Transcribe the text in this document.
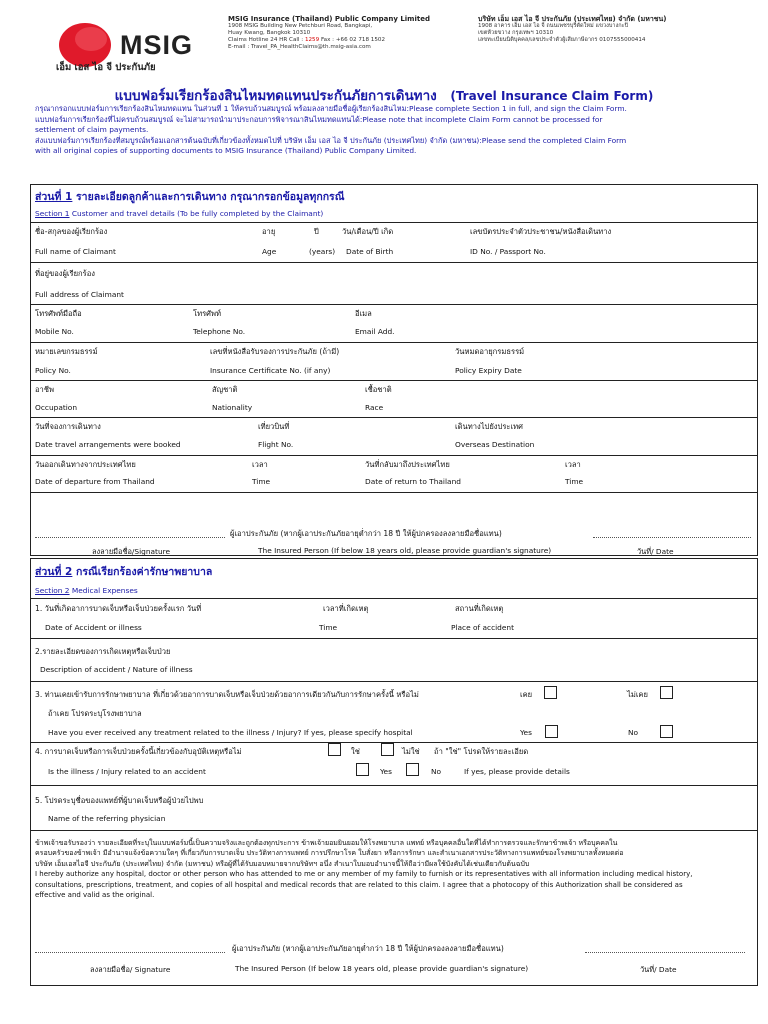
MSIG
เอ็ม เอส ไอ จี ประกันภัย
MSIG Insurance (Thailand) Public Company Limited
1908 MSIG Building New Petchburi Road, Bangkapi,
Huay Kwang, Bangkok 10310
Claims Hotline 24 HR Call : 1259 Fax : +66 02 718 1502
E-mail : Travel_PA_HealthClaims@th.msig-asia.com
บริษัท เอ็ม เอส ไอ จี ประกันภัย (ประเทศไทย) จำกัด (มหาชน)
1908 อาคาร เอ็ม เอส ไอ จี ถนนเพชรบุรีตัดใหม่ แขวงบางกะปิ
เขตห้วยขวาง กรุงเทพฯ 10310
เลขทะเบียนนิติบุคคล/เลขประจำตัวผู้เสียภาษีอากร 0107555000414
แบบฟอร์มเรียกร้องสินไหมทดแทนประกันภัยการเดินทาง (Travel Insurance Claim Form)
กรุณากรอกแบบฟอร์มการเรียกร้องสินไหมทดแทน ในส่วนที่ 1 ให้ครบถ้วนสมบูรณ์ พร้อมลงลายมือชื่อผู้เรียกร้องสินไหม:Please complete Section 1 in full, and sign the Claim Form.
แบบฟอร์มการเรียกร้องที่ไม่ครบถ้วนสมบูรณ์ จะไม่สามารถนำมาประกอบการพิจารณาสินไหมทดแทนได้:Please note that incomplete Claim Form cannot be processed for
settlement of claim payments.
ส่งแบบฟอร์มการเรียกร้องที่สมบูรณ์พร้อมเอกสารต้นฉบับที่เกี่ยวข้องทั้งหมดไปที่ บริษัท เอ็ม เอส ไอ จี ประกันภัย (ประเทศไทย) จำกัด (มหาชน):Please send the completed Claim Form
with all original copies of supporting documents to MSIG Insurance (Thailand) Public Company Limited.
ส่วนที่ 1 รายละเอียดลูกค้าและการเดินทาง กรุณากรอกข้อมูลทุกกรณี
Section 1 Customer and travel details (To be fully completed by the Claimant)
ชื่อ-สกุลของผู้เรียกร้อง	อายุ	ปี	วัน/เดือน/ปี เกิด	เลขบัตรประจำตัวประชาชน/หนังสือเดินทาง
Full name of Claimant	Age	(years) Date of Birth	ID No. / Passport No.
ที่อยู่ของผู้เรียกร้อง
Full address of Claimant
โทรศัพท์มือถือ	โทรศัพท์	อีเมล
Mobile No.	Telephone No.	Email Add.
หมายเลขกรมธรรม์	เลขที่หนังสือรับรองการประกันภัย (ถ้ามี)	วันหมดอายุกรมธรรม์
Policy No.	Insurance Certificate No. (if any)	Policy Expiry Date
อาชีพ	สัญชาติ	เชื้อชาติ
Occupation	Nationality	Race
วันที่จองการเดินทาง	เที่ยวบินที่	เดินทางไปยังประเทศ
Date travel arrangements were booked	Flight No.	Overseas Destination
วันออกเดินทางจากประเทศไทย	เวลา	วันที่กลับมาถึงประเทศไทย	เวลา
Date of departure from Thailand	Time	Date of return to Thailand	Time
ผู้เอาประกันภัย (หากผู้เอาประกันภัยอายุต่ำกว่า 18 ปี ให้ผู้ปกครองลงลายมือชื่อแทน)
ลงลายมือชื่อ/Signature	The Insured Person (If below 18 years old, please provide guardian's signature)	วันที่/ Date
ส่วนที่ 2 กรณีเรียกร้องค่ารักษาพยาบาล
Section 2 Medical Expenses
1. วันที่เกิดอาการบาดเจ็บหรือเจ็บป่วยครั้งแรก วันที่	เวลาที่เกิดเหตุ	สถานที่เกิดเหตุ
Date of Accident or illness	Time	Place of accident
2.รายละเอียดของการเกิดเหตุหรือเจ็บป่วย
Description of accident / Nature of illness
3. ท่านเคยเข้ารับการรักษาพยาบาล ที่เกี่ยวด้วยอาการบาดเจ็บหรือเจ็บป่วยด้วยอาการเดียวกันกับการรักษาครั้งนี้ หรือไม่	เคย	ไม่เคย
ถ้าเคย โปรดระบุโรงพยาบาล
Have you ever received any treatment related to the illness / Injury? If yes, please specify hospital	Yes	No
4. การบาดเจ็บหรือการเจ็บป่วยครั้งนี้เกี่ยวข้องกับอุบัติเหตุหรือไม่	ใช่	ไม่ใช่ ถ้า "ใช่" โปรดให้รายละเอียด
Is the illness / Injury related to an accident	Yes	No	If yes, please provide details
5. โปรดระบุชื่อของแพทย์ที่ผู้บาดเจ็บหรือผู้ป่วยไปพบ
Name of the referring physician
ข้าพเจ้าขอรับรองว่า รายละเอียดที่ระบุในแบบฟอร์มนี้เป็นความจริงและถูกต้องทุกประการ ข้าพเจ้ายอมยินยอมให้โรงพยาบาล แพทย์ หรือบุคคลอื่นใดที่ได้ทำการตรวจและรักษาข้าพเจ้า หรือบุคคลใน
ครอบครัวของข้าพเจ้า มีอำนาจแจ้งข้อความใดๆ ที่เกี่ยวกับการบาดเจ็บ ประวัติทางการแพทย์ การปรึกษาโรค ใบสั่งยา หรือการรักษา และสำเนาเอกสารประวัติทางการแพทย์ของโรงพยาบาลทั้งหมดต่อ
บริษัท เอ็มเอสไอจี ประกันภัย (ประเทศไทย) จำกัด (มหาชน) หรือผู้ที่ได้รับมอบหมายจากบริษัทฯ อนึ่ง สำเนาใบมอบอำนาจนี้ให้ถือว่ามีผลใช้บังคับได้เช่นเดียวกับต้นฉบับ
I hereby authorize any hospital, doctor or other person who has attended to me or any member of my family to furnish or its representatives with all information including medical history,
consultations, prescriptions, treatment, and copies of all hospital and medical records that are related to this claim. I agree that a photocopy of this Authorization shall be considered as
effective and valid as the original.
ผู้เอาประกันภัย (หากผู้เอาประกันภัยอายุต่ำกว่า 18 ปี ให้ผู้ปกครองลงลายมือชื่อแทน)
ลงลายมือชื่อ/ Signature	The Insured Person (If below 18 years old, please provide guardian's signature)	วันที่/ Date
